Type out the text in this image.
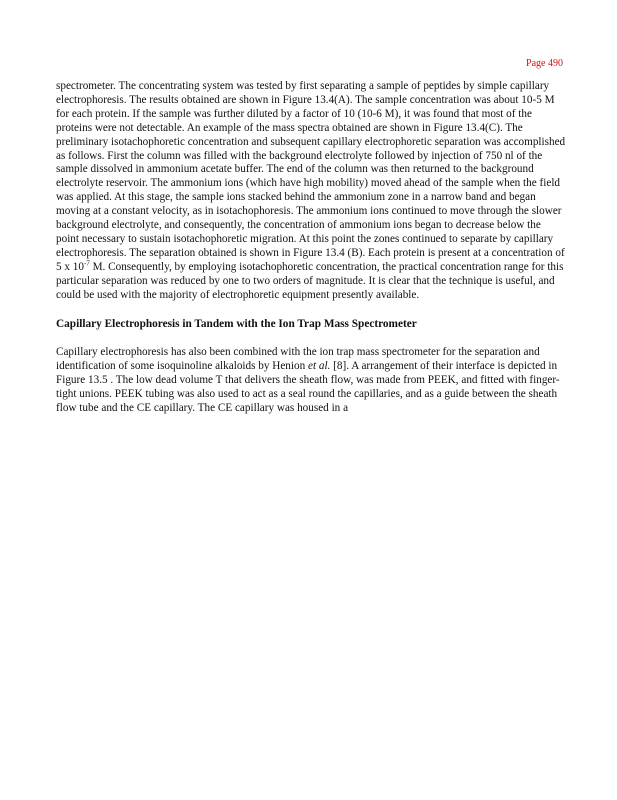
Page 490

spectrometer. The concentrating system was tested by first separating a sample of peptides by simple capillary electrophoresis. The results obtained are shown in Figure 13.4(A). The sample concentration was about 10-5 M for each protein. If the sample was further diluted by a factor of 10 (10-6 M), it was found that most of the proteins were not detectable. An example of the mass spectra obtained are shown in Figure 13.4(C). The preliminary isotachophoretic concentration and subsequent capillary electrophoretic separation was accomplished as follows. First the column was filled with the background electrolyte followed by injection of 750 nl of the sample dissolved in ammonium acetate buffer. The end of the column was then returned to the background electrolyte reservoir. The ammonium ions (which have high mobility) moved ahead of the sample when the field was applied. At this stage, the sample ions stacked behind the ammonium zone in a narrow band and began moving at a constant velocity, as in isotachophoresis. The ammonium ions continued to move through the slower background electrolyte, and consequently, the concentration of ammonium ions began to decrease below the point necessary to sustain isotachophoretic migration. At this point the zones continued to separate by capillary electrophoresis. The separation obtained is shown in Figure 13.4 (B). Each protein is present at a concentration of 5 x $10^{-7}$ M. Consequently, by employing isotachophoretic concentration, the practical concentration range for this particular separation was reduced by one to two orders of magnitude. It is clear that the technique is useful, and could be used with the majority of electrophoretic equipment presently available.

Capillary Electrophoresis in Tandem with the Ion Trap Mass Spectrometer

Capillary electrophoresis has also been combined with the ion trap mass spectrometer for the separation and identification of some isoquinoline alkaloids by Henion et al. [8]. A arrangement of their interface is depicted in Figure 13.5 . The low dead volume T that delivers the sheath flow, was made from PEEK, and fitted with finger-tight unions. PEEK tubing was also used to act as a seal round the capillaries, and as a guide between the sheath flow tube and the CE capillary. The CE capillary was housed in a
